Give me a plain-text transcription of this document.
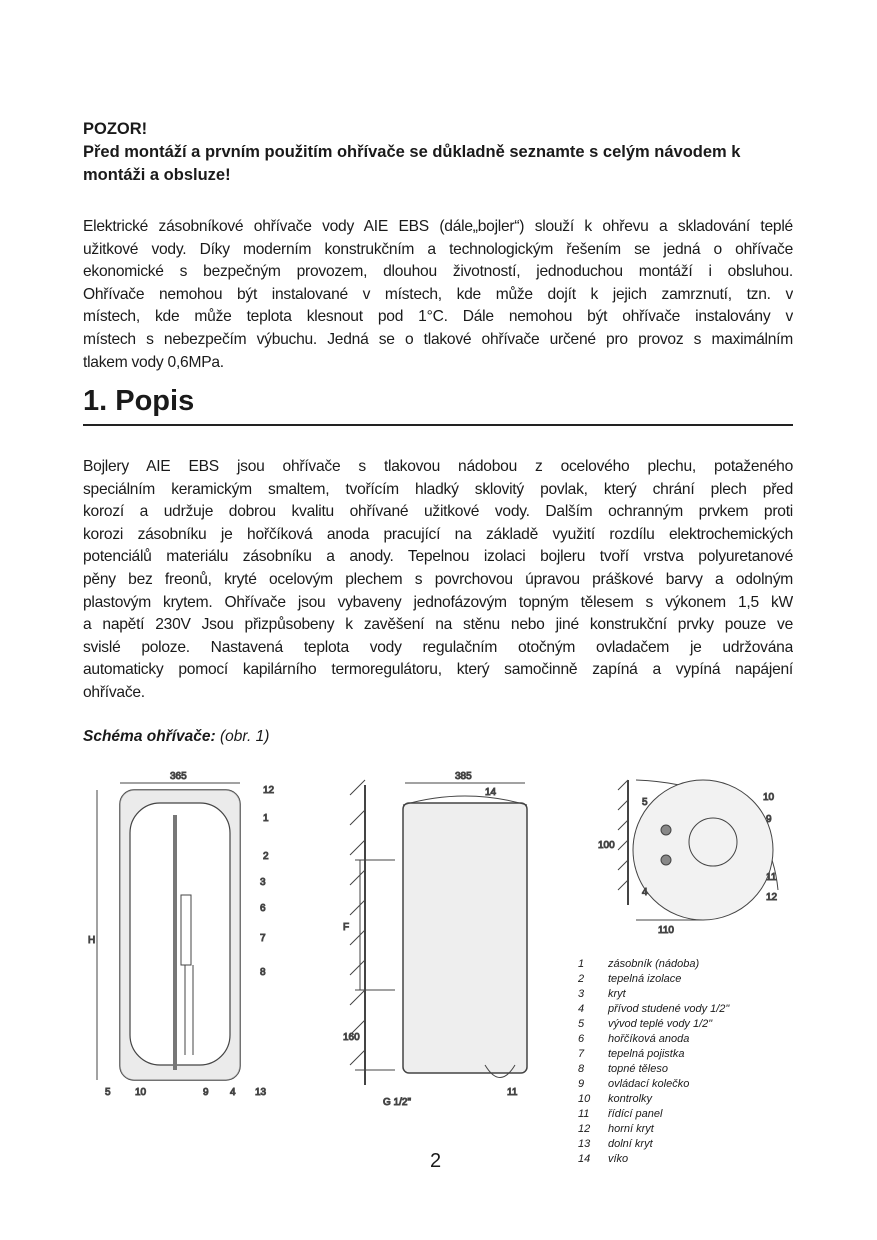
POZOR!
Před montáží a prvním použitím ohřívače se důkladně seznamte s celým návodem k
montáži a obsluze!
Elektrické zásobníkové ohřívače vody AIE EBS (dále„bojler“) slouží k ohřevu a skladování teplé
užitkové vody. Díky moderním konstrukčním a technologickým řešením se jedná o ohřívače
ekonomické s bezpečným provozem, dlouhou životností, jednoduchou montáží i obsluhou.
Ohřívače nemohou být instalované v místech, kde může dojít k jejich zamrznutí, tzn. v
místech, kde může teplota klesnout pod 1°C. Dále nemohou být ohřívače instalovány v
místech s nebezpečím výbuchu. Jedná se o tlakové ohřívače určené pro provoz s maximálním
tlakem vody 0,6MPa.
1. Popis
Bojlery AIE EBS jsou ohřívače s tlakovou nádobou z ocelového plechu, potaženého
speciálním keramickým smaltem, tvořícím hladký sklovitý povlak, který chrání plech před
korozí a udržuje dobrou kvalitu ohřívané užitkové vody. Dalším ochranným prvkem proti
korozi zásobníku je hořčíková anoda pracující na základě využití rozdílu elektrochemických
potenciálů materiálu zásobníku a anody. Tepelnou izolaci bojleru tvoří vrstva polyuretanové
pěny bez freonů, kryté ocelovým plechem s povrchovou úpravou práškové barvy a odolným
plastovým krytem. Ohřívače jsou vybaveny jednofázovým topným tělesem s výkonem 1,5 kW
a napětí 230V Jsou přizpůsobeny k zavěšení na stěnu nebo jiné konstrukční prvky pouze ve
svislé poloze. Nastavená teplota vody regulačním otočným ovladačem je udržována
automaticky pomocí kapilárního termoregulátoru, který samočinně zapíná a vypíná napájení
ohřívače.
Schéma ohřívače: (obr. 1)
365
H
12
1
2
3
6
7
8
5 10	9 4 13
385
F
160
G 1/2"
14
11
110
100
5	10
9
4
11
12
1 zásobník (nádoba)
2 tepelná izolace
3 kryt
4 přívod studené vody 1/2"
5 vývod teplé vody 1/2"
6 hořčíková anoda
7 tepelná pojistka
8 topné těleso
9 ovládací kolečko
10 kontrolky
11 řídící panel
12 horní kryt
13 dolní kryt
14 víko
2
